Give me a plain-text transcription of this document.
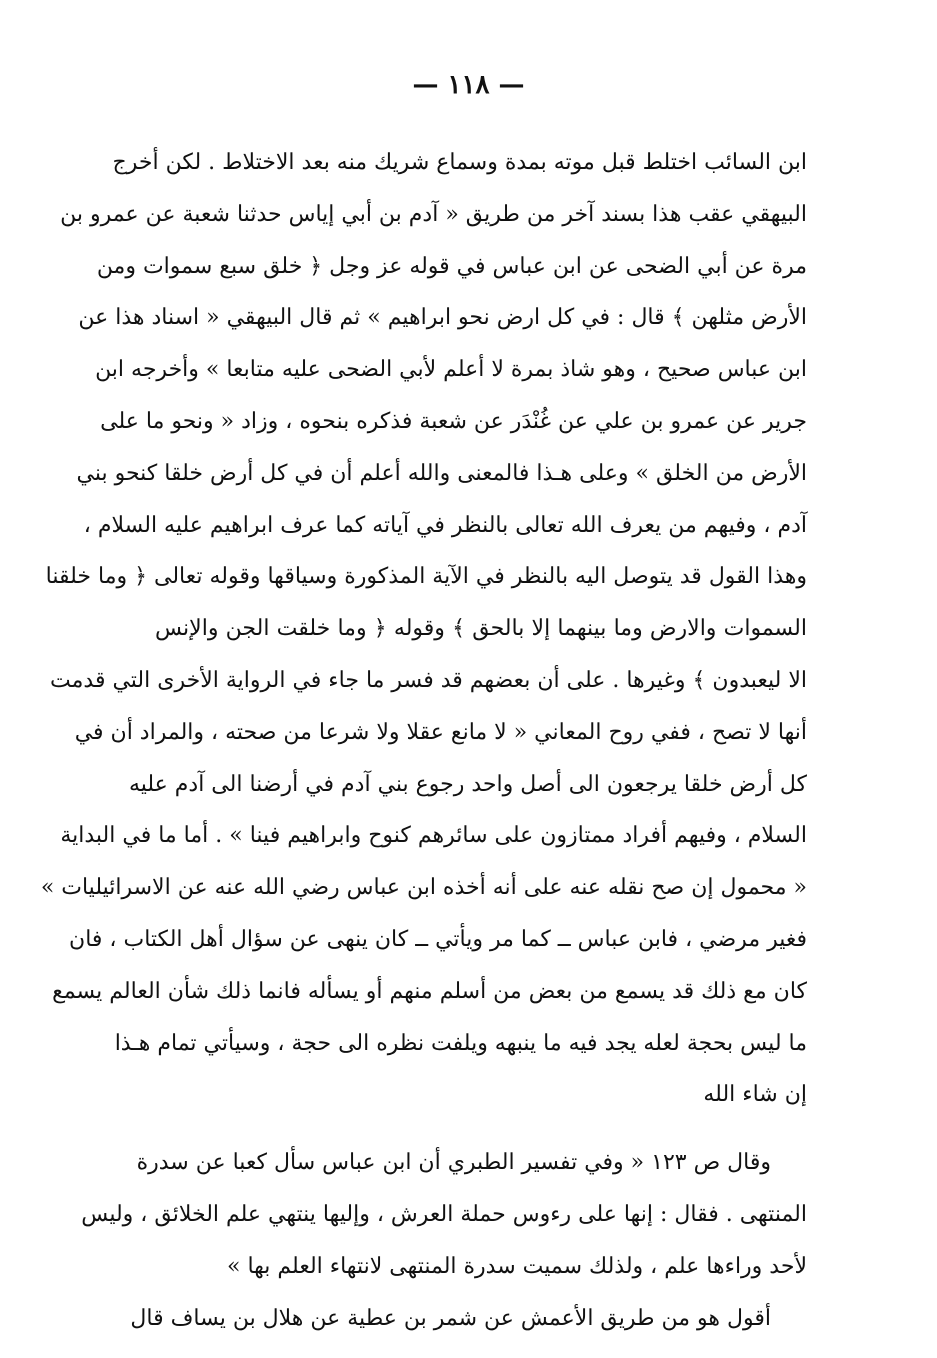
— ١١٨ —
ابن السائب اختلط قبل موته بمدة وسماع شريك منه بعد الاختلاط . لكن أخرج
البيهقي عقب هذا بسند آخر من طريق « آدم بن أبي إياس حدثنا شعبة عن عمرو بن
مرة عن أبي الضحى عن ابن عباس في قوله عز وجل ﴿ خلق سبع سموات ومن
الأرض مثلهن ﴾ قال : في كل ارض نحو ابراهيم » ثم قال البيهقي « اسناد هذا عن
ابن عباس صحيح ، وهو شاذ بمرة لا أعلم لأبي الضحى عليه متابعا » وأخرجه ابن
جرير عن عمرو بن علي عن غُنْدَر عن شعبة فذكره بنحوه ، وزاد « ونحو ما على
الأرض من الخلق » وعلى هـذا فالمعنى والله أعلم أن في كل أرض خلقا كنحو بني
آدم ، وفيهم من يعرف الله تعالى بالنظر في آياته كما عرف ابراهيم عليه السلام ،
وهذا القول قد يتوصل اليه بالنظر في الآية المذكورة وسياقها وقوله تعالى ﴿ وما خلقنا
السموات والارض وما بينهما إلا بالحق ﴾ وقوله ﴿ وما خلقت الجن والإنس
الا ليعبدون ﴾ وغيرها . على أن بعضهم قد فسر ما جاء في الرواية الأخرى التي قدمت
أنها لا تصح ، ففي روح المعاني « لا مانع عقلا ولا شرعا من صحته ، والمراد أن في
كل أرض خلقا يرجعون الى أصل واحد رجوع بني آدم في أرضنا الى آدم عليه
السلام ، وفيهم أفراد ممتازون على سائرهم كنوح وابراهيم فينا » . أما ما في البداية
« محمول إن صح نقله عنه على أنه أخذه ابن عباس رضي الله عنه عن الاسرائيليات »
فغير مرضي ، فابن عباس ــ كما مر ويأتي ــ كان ينهى عن سؤال أهل الكتاب ، فان
كان مع ذلك قد يسمع من بعض من أسلم منهم أو يسأله فانما ذلك شأن العالم يسمع
ما ليس بحجة لعله يجد فيه ما ينبهه ويلفت نظره الى حجة ، وسيأتي تمام هـذا
إن شاء الله
وقال ص ١٢٣ « وفي تفسير الطبري أن ابن عباس سأل كعبا عن سدرة
المنتهى . فقال : إنها على رءوس حملة العرش ، وإليها ينتهي علم الخلائق ، وليس
لأحد وراءها علم ، ولذلك سميت سدرة المنتهى لانتهاء العلم بها »
أقول هو من طريق الأعمش عن شمر بن عطية عن هلال بن يساف قال
